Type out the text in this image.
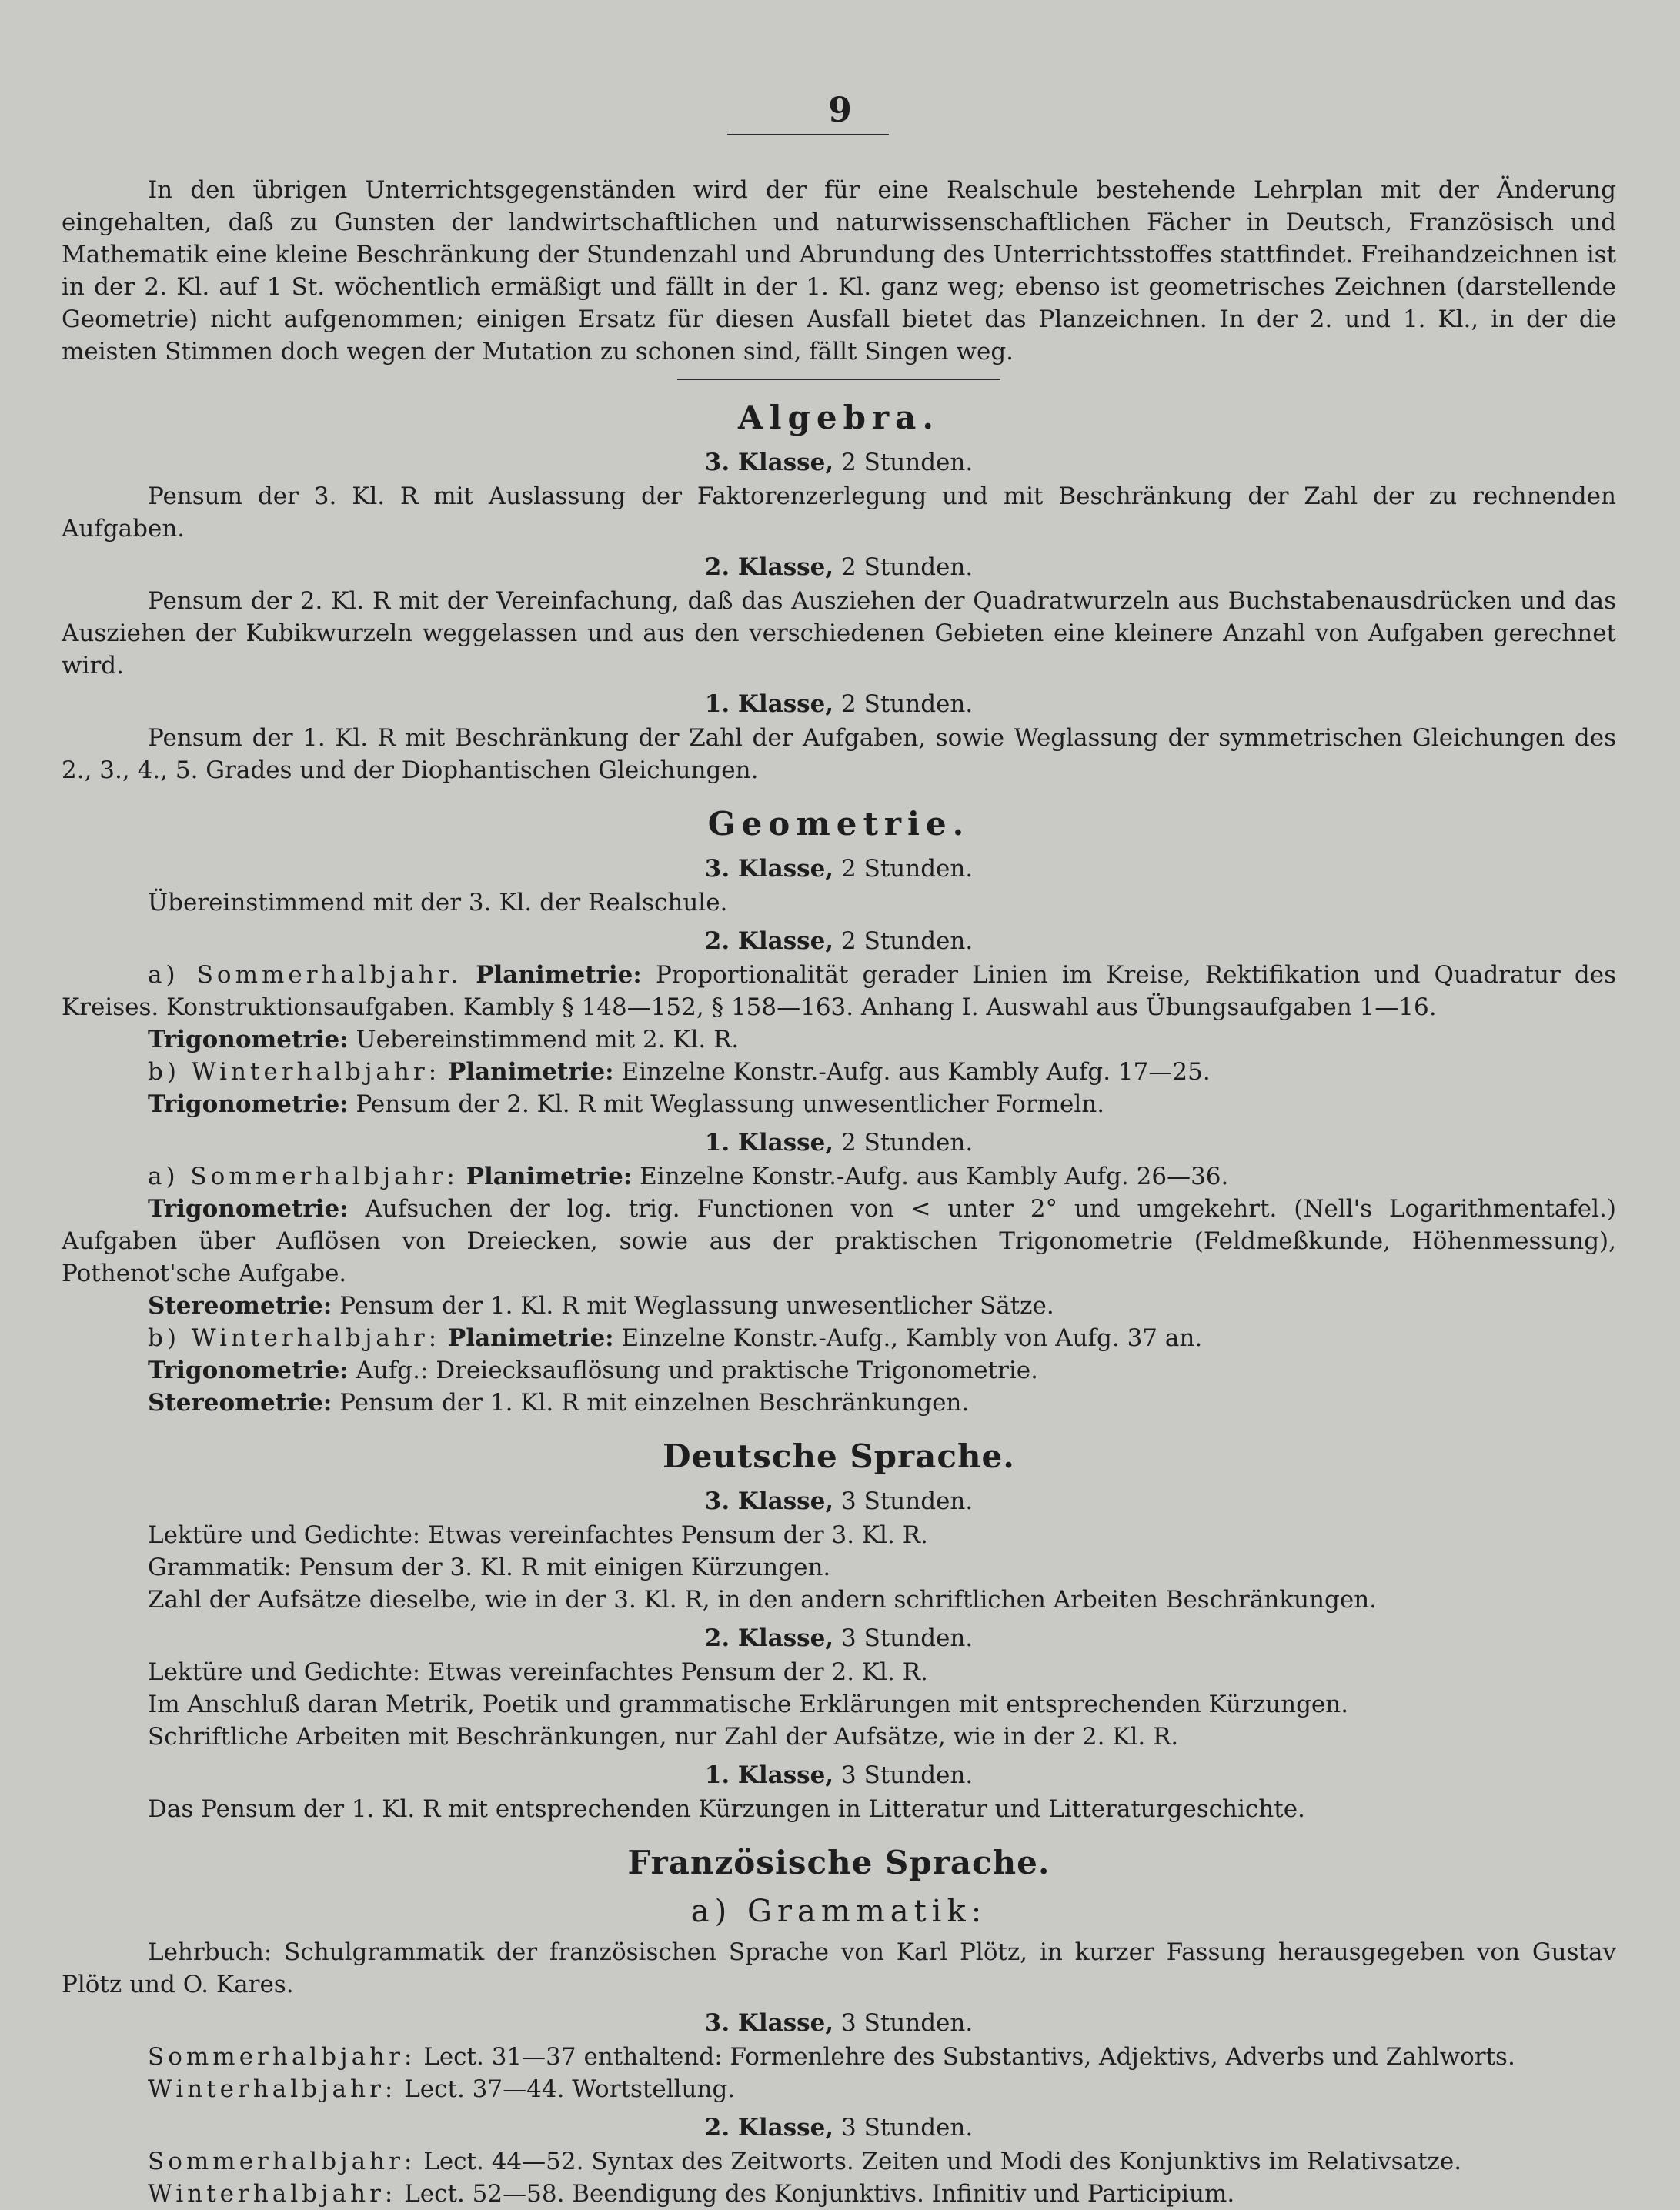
9

In den übrigen Unterrichtsgegenständen wird der für eine Realschule bestehende Lehrplan mit der Änderung eingehalten, daß zu Gunsten der landwirtschaftlichen und naturwissenschaftlichen Fächer in Deutsch, Französisch und Mathematik eine kleine Beschränkung der Stundenzahl und Abrundung des Unterrichtsstoffes stattfindet. Freihandzeichnen ist in der 2. Kl. auf 1 St. wöchentlich ermäßigt und fällt in der 1. Kl. ganz weg; ebenso ist geometrisches Zeichnen (darstellende Geometrie) nicht aufgenommen; einigen Ersatz für diesen Ausfall bietet das Planzeichnen. In der 2. und 1. Kl., in der die meisten Stimmen doch wegen der Mutation zu schonen sind, fällt Singen weg.

Algebra.
3. Klasse, 2 Stunden.

Pensum der 3. Kl. R mit Auslassung der Faktorenzerlegung und mit Beschränkung der Zahl der zu rechnenden Aufgaben.

2. Klasse, 2 Stunden.

Pensum der 2. Kl. R mit der Vereinfachung, daß das Ausziehen der Quadratwurzeln aus Buchstabenausdrücken und das Ausziehen der Kubikwurzeln weggelassen und aus den verschiedenen Gebieten eine kleinere Anzahl von Aufgaben gerechnet wird.

1. Klasse, 2 Stunden.

Pensum der 1. Kl. R mit Beschränkung der Zahl der Aufgaben, sowie Weglassung der symmetrischen Gleichungen des 2., 3., 4., 5. Grades und der Diophantischen Gleichungen.

Geometrie.
3. Klasse, 2 Stunden.

Übereinstimmend mit der 3. Kl. der Realschule.

2. Klasse, 2 Stunden.

a) Sommerhalbjahr. Planimetrie: Proportionalität gerader Linien im Kreise, Rektifikation und Quadratur des Kreises. Konstruktionsaufgaben. Kambly § 148—152, § 158—163. Anhang I. Auswahl aus Übungsaufgaben 1—16.

Trigonometrie: Uebereinstimmend mit 2. Kl. R.

b) Winterhalbjahr: Planimetrie: Einzelne Konstr.-Aufg. aus Kambly Aufg. 17—25.

Trigonometrie: Pensum der 2. Kl. R mit Weglassung unwesentlicher Formeln.

1. Klasse, 2 Stunden.

a) Sommerhalbjahr: Planimetrie: Einzelne Konstr.-Aufg. aus Kambly Aufg. 26—36.

Trigonometrie: Aufsuchen der log. trig. Functionen von < unter 2° und umgekehrt. (Nell's Logarithmentafel.) Aufgaben über Auflösen von Dreiecken, sowie aus der praktischen Trigonometrie (Feldmeßkunde, Höhenmessung), Pothenot'sche Aufgabe.

Stereometrie: Pensum der 1. Kl. R mit Weglassung unwesentlicher Sätze.

b) Winterhalbjahr: Planimetrie: Einzelne Konstr.-Aufg., Kambly von Aufg. 37 an.

Trigonometrie: Aufg.: Dreiecksauflösung und praktische Trigonometrie.

Stereometrie: Pensum der 1. Kl. R mit einzelnen Beschränkungen.

Deutsche Sprache.
3. Klasse, 3 Stunden.

Lektüre und Gedichte: Etwas vereinfachtes Pensum der 3. Kl. R.

Grammatik: Pensum der 3. Kl. R mit einigen Kürzungen.

Zahl der Aufsätze dieselbe, wie in der 3. Kl. R, in den andern schriftlichen Arbeiten Beschränkungen.

2. Klasse, 3 Stunden.

Lektüre und Gedichte: Etwas vereinfachtes Pensum der 2. Kl. R.

Im Anschluß daran Metrik, Poetik und grammatische Erklärungen mit entsprechenden Kürzungen.

Schriftliche Arbeiten mit Beschränkungen, nur Zahl der Aufsätze, wie in der 2. Kl. R.

1. Klasse, 3 Stunden.

Das Pensum der 1. Kl. R mit entsprechenden Kürzungen in Litteratur und Litteraturgeschichte.

Französische Sprache.
a) Grammatik:

Lehrbuch: Schulgrammatik der französischen Sprache von Karl Plötz, in kurzer Fassung herausgegeben von Gustav Plötz und O. Kares.

3. Klasse, 3 Stunden.

Sommerhalbjahr: Lect. 31—37 enthaltend: Formenlehre des Substantivs, Adjektivs, Adverbs und Zahlworts.

Winterhalbjahr: Lect. 37—44. Wortstellung.

2. Klasse, 3 Stunden.

Sommerhalbjahr: Lect. 44—52. Syntax des Zeitworts. Zeiten und Modi des Konjunktivs im Relativsatze.

Winterhalbjahr: Lect. 52—58. Beendigung des Konjunktivs. Infinitiv und Participium.
